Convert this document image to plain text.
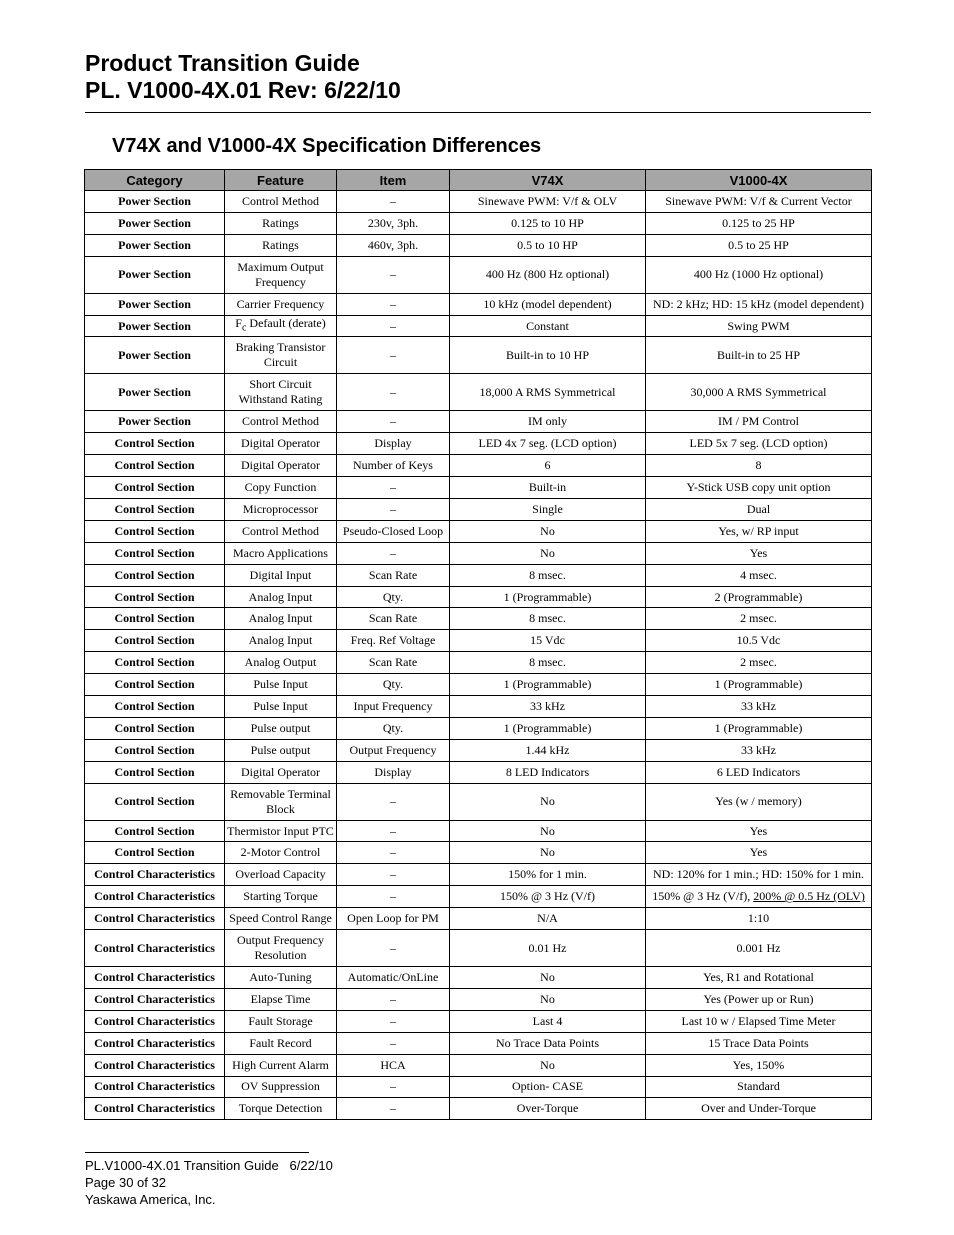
Product Transition Guide
PL. V1000-4X.01 Rev: 6/22/10
V74X and V1000-4X Specification Differences
Category	Feature	Item	V74X	V1000-4X
Power Section	Control Method	–	Sinewave PWM: V/f & OLV	Sinewave PWM: V/f & Current Vector
Power Section	Ratings	230v, 3ph.	0.125 to 10 HP	0.125 to 25 HP
Power Section	Ratings	460v, 3ph.	0.5 to 10 HP	0.5 to 25 HP
Power Section	Maximum Output Frequency	–	400 Hz (800 Hz optional)	400 Hz (1000 Hz optional)
Power Section	Carrier Frequency	–	10 kHz (model dependent)	ND: 2 kHz; HD: 15 kHz (model dependent)
Power Section	$F_c$ Default (derate)	–	Constant	Swing PWM
Power Section	Braking Transistor Circuit	–	Built-in to 10 HP	Built-in to 25 HP
Power Section	Short Circuit Withstand Rating	–	18,000 A RMS Symmetrical	30,000 A RMS Symmetrical
Power Section	Control Method	–	IM only	IM / PM Control
Control Section	Digital Operator	Display	LED 4x 7 seg. (LCD option)	LED 5x 7 seg. (LCD option)
Control Section	Digital Operator	Number of Keys	6	8
Control Section	Copy Function	–	Built-in	Y-Stick USB copy unit option
Control Section	Microprocessor	–	Single	Dual
Control Section	Control Method	Pseudo-Closed Loop	No	Yes, w/ RP input
Control Section	Macro Applications	–	No	Yes
Control Section	Digital Input	Scan Rate	8 msec.	4 msec.
Control Section	Analog Input	Qty.	1 (Programmable)	2 (Programmable)
Control Section	Analog Input	Scan Rate	8 msec.	2 msec.
Control Section	Analog Input	Freq. Ref Voltage	15 Vdc	10.5 Vdc
Control Section	Analog Output	Scan Rate	8 msec.	2 msec.
Control Section	Pulse Input	Qty.	1 (Programmable)	1 (Programmable)
Control Section	Pulse Input	Input Frequency	33 kHz	33 kHz
Control Section	Pulse output	Qty.	1 (Programmable)	1 (Programmable)
Control Section	Pulse output	Output Frequency	1.44 kHz	33 kHz
Control Section	Digital Operator	Display	8 LED Indicators	6 LED Indicators
Control Section	Removable Terminal Block	–	No	Yes (w / memory)
Control Section	Thermistor Input PTC	–	No	Yes
Control Section	2-Motor Control	–	No	Yes
Control Characteristics	Overload Capacity	–	150% for 1 min.	ND: 120% for 1 min.; HD: 150% for 1 min.
Control Characteristics	Starting Torque	–	150% @ 3 Hz (V/f)	150% @ 3 Hz (V/f), 200% @ 0.5 Hz (OLV)
Control Characteristics	Speed Control Range	Open Loop for PM	N/A	1:10
Control Characteristics	Output Frequency Resolution	–	0.01 Hz	0.001 Hz
Control Characteristics	Auto-Tuning	Automatic/OnLine	No	Yes, R1 and Rotational
Control Characteristics	Elapse Time	–	No	Yes (Power up or Run)
Control Characteristics	Fault Storage	–	Last 4	Last 10 w / Elapsed Time Meter
Control Characteristics	Fault Record	–	No Trace Data Points	15 Trace Data Points
Control Characteristics	High Current Alarm	HCA	No	Yes, 150%
Control Characteristics	OV Suppression	–	Option- CASE	Standard
Control Characteristics	Torque Detection	–	Over-Torque	Over and Under-Torque
PL.V1000-4X.01 Transition Guide   6/22/10
Page 30 of 32
Yaskawa America, Inc.
